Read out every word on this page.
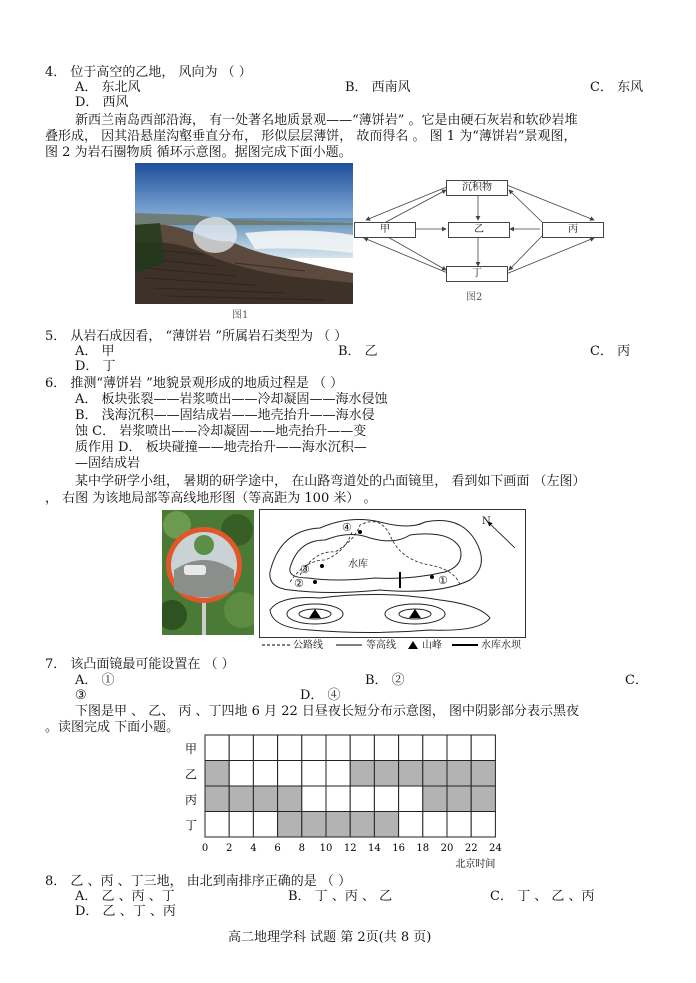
4． 位于高空的乙地， 风向为 （ ）
A． 东北风	B． 西南风	C． 东风
D． 西风
新西兰南岛西部沿海， 有一处著名地质景观——“薄饼岩” 。它是由硬石灰岩和软砂岩堆
叠形成， 因其沿悬崖沟壑垂直分布， 形似层层薄饼， 故而得名 。 图 1 为“薄饼岩”景观图，
图 2 为岩石圈物质 循环示意图。据图完成下面小题。
图1
沉积物
甲	乙	丙
丁
图2
5． 从岩石成因看， “薄饼岩 ”所属岩石类型为 （ ）
A． 甲	B． 乙	C． 丙
D． 丁
6． 推测“薄饼岩 ”地貌景观形成的地质过程是 （ ）
A． 板块张裂——岩浆喷出——冷却凝固——海水侵蚀
B． 浅海沉积——固结成岩——地壳抬升——海水侵
蚀 C． 岩浆喷出——冷却凝固——地壳抬升——变
质作用 D． 板块碰撞——地壳抬升——海水沉积—
—固结成岩
某中学研学小组， 暑期的研学途中， 在山路弯道处的凸面镜里， 看到如下画面 （左图）
， 右图 为该地局部等高线地形图（等高距为 100 米） 。
N
水库
①
②
③
④
公路线	等高线	山峰	水库水坝
7． 该凸面镜最可能设置在 （ ）
A． ①	B． ②	C．
③	D． ④
下图是甲 、 乙、 丙 、丁四地 6 月 22 日昼夜长短分布示意图， 图中阴影部分表示黑夜
。读图完成 下面小题。
甲
乙
丙
丁
0 2 4 6 8 10 12 14 16 18 20 22 24
北京时间
8． 乙 、丙 、丁三地， 由北到南排序正确的是 （ ）
A． 乙 、丙 、丁	B． 丁 、丙 、 乙	C． 丁 、 乙 、丙
D． 乙 、丁 、丙
高二地理学科 试题 第 2页(共 8 页)
